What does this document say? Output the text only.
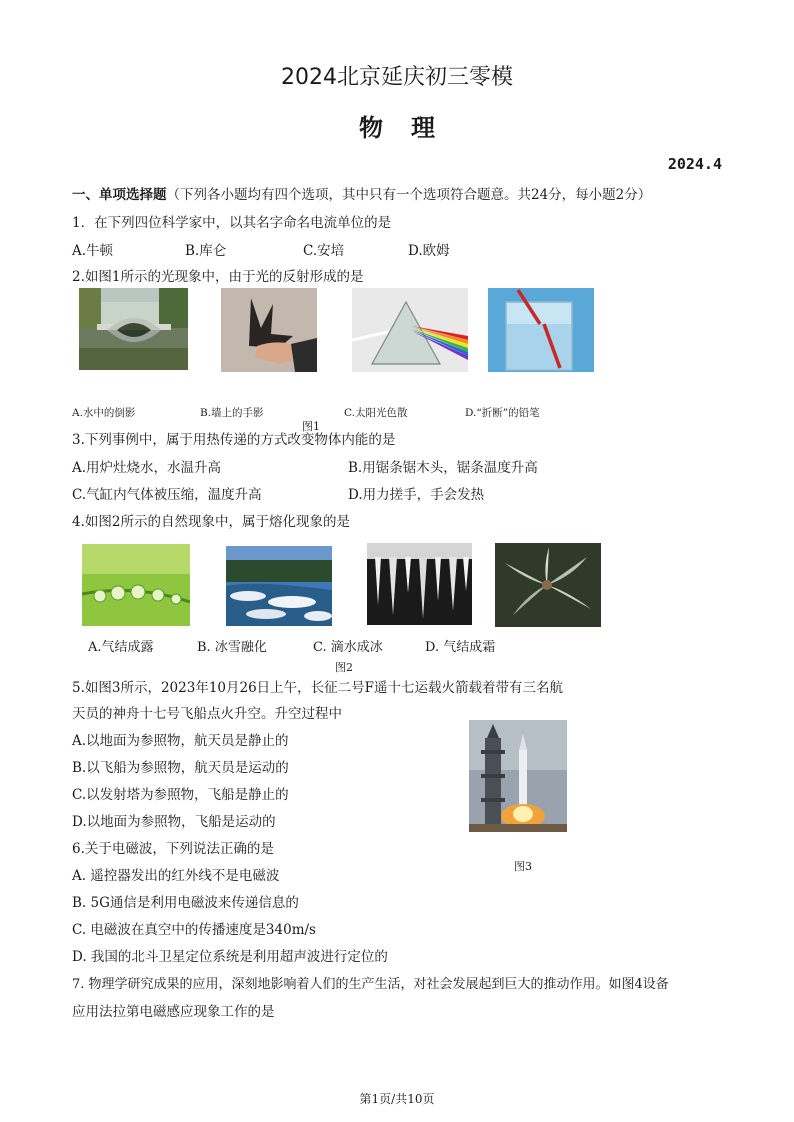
2024北京延庆初三零模
物理
2024.4
一、单项选择题（下列各小题均有四个选项，其中只有一个选项符合题意。共24分，每小题2分）
1．在下列四位科学家中，以其名字命名电流单位的是
A.牛顿	B.库仑	C.安培	D.欧姆
2.如图1所示的光现象中，由于光的反射形成的是
A.水中的倒影	B.墙上的手影	C.太阳光色散	D.“折断”的铅笔
图1
3.下列事例中，属于用热传递的方式改变物体内能的是
A.用炉灶烧水，水温升高	B.用锯条锯木头，锯条温度升高
C.气缸内气体被压缩，温度升高	D.用力搓手，手会发热
4.如图2所示的自然现象中，属于熔化现象的是
A.气结成露	B. 冰雪融化	C. 滴水成冰	D. 气结成霜
图2
5.如图3所示，2023年10月26日上午，长征二号F遥十七运载火箭载着带有三名航
天员的神舟十七号飞船点火升空。升空过程中
A.以地面为参照物，航天员是静止的
B.以飞船为参照物，航天员是运动的
C.以发射塔为参照物，飞船是静止的
D.以地面为参照物，飞船是运动的
图3
6.关于电磁波，下列说法正确的是
A. 遥控器发出的红外线不是电磁波
B. 5G通信是利用电磁波来传递信息的
C. 电磁波在真空中的传播速度是340m/s
D. 我国的北斗卫星定位系统是利用超声波进行定位的
7. 物理学研究成果的应用，深刻地影响着人们的生产生活，对社会发展起到巨大的推动作用。如图4设备
应用法拉第电磁感应现象工作的是
第1页/共10页
